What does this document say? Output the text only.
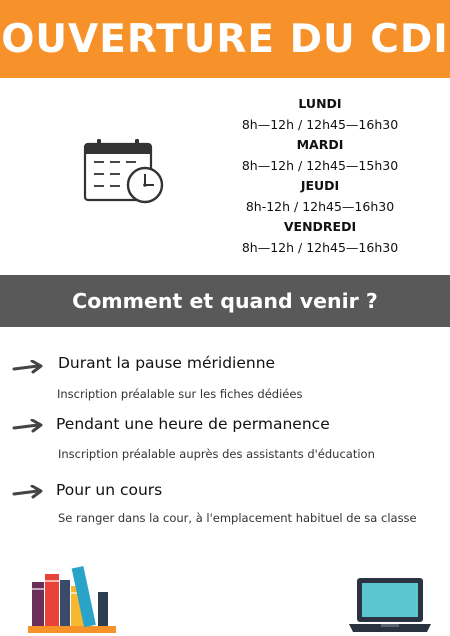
OUVERTURE DU CDI
LUNDI
8h—12h / 12h45—16h30
MARDI
8h—12h / 12h45—15h30
JEUDI
8h-12h / 12h45—16h30
VENDREDI
8h—12h / 12h45—16h30
Comment et quand venir ?
Durant la pause méridienne
Inscription préalable sur les fiches dédiées
Pendant une heure de permanence
Inscription préalable auprès des assistants d'éducation
Pour un cours
Se ranger dans la cour, à l'emplacement habituel de sa classe
